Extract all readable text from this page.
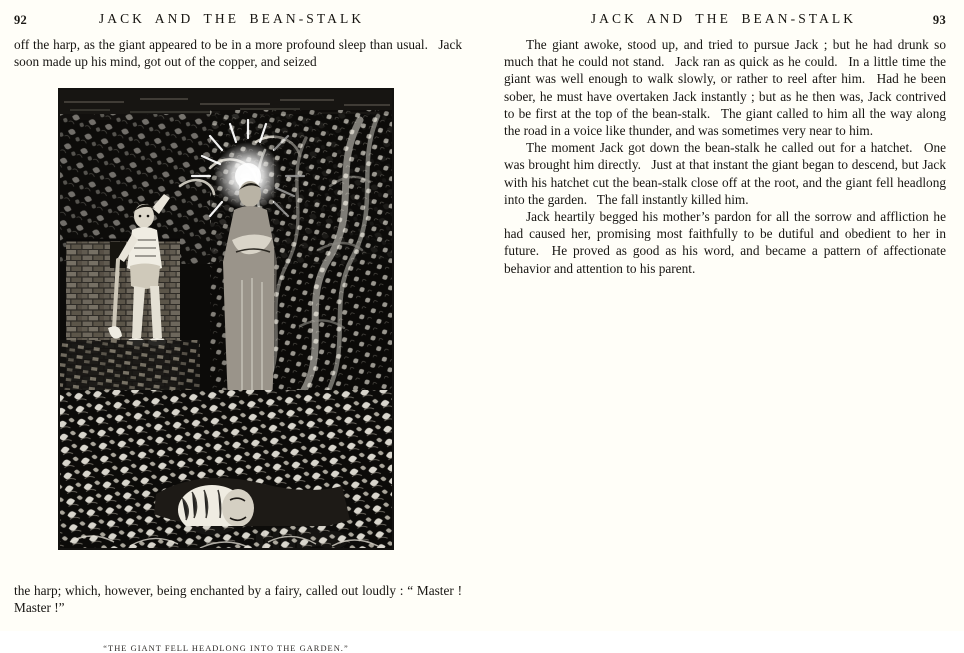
92	JACK AND THE BEAN-STALK

off the harp, as the giant appeared to be in a more profound sleep than usual.  Jack soon made up his mind, got out of the copper, and seized

“THE GIANT FELL HEADLONG INTO THE GARDEN.”

the harp; which, however, being enchanted by a fairy, called out loudly : “ Master ! Master !”

JACK AND THE BEAN-STALK	93

The giant awoke, stood up, and tried to pursue Jack ; but he had drunk so much that he could not stand.  Jack ran as quick as he could.  In a little time the giant was well enough to walk slowly, or rather to reel after him.  Had he been sober, he must have overtaken Jack instantly ; but as he then was, Jack contrived to be first at the top of the bean-stalk.  The giant called to him all the way along the road in a voice like thunder, and was sometimes very near to him.

The moment Jack got down the bean-stalk he called out for a hatchet.  One was brought him directly.  Just at that instant the giant began to descend, but Jack with his hatchet cut the bean-stalk close off at the root, and the giant fell headlong into the garden.  The fall instantly killed him.

Jack heartily begged his mother’s pardon for all the sorrow and affliction he had caused her, promising most faithfully to be dutiful and obedient to her in future.  He proved as good as his word, and became a pattern of affectionate behavior and attention to his parent.
